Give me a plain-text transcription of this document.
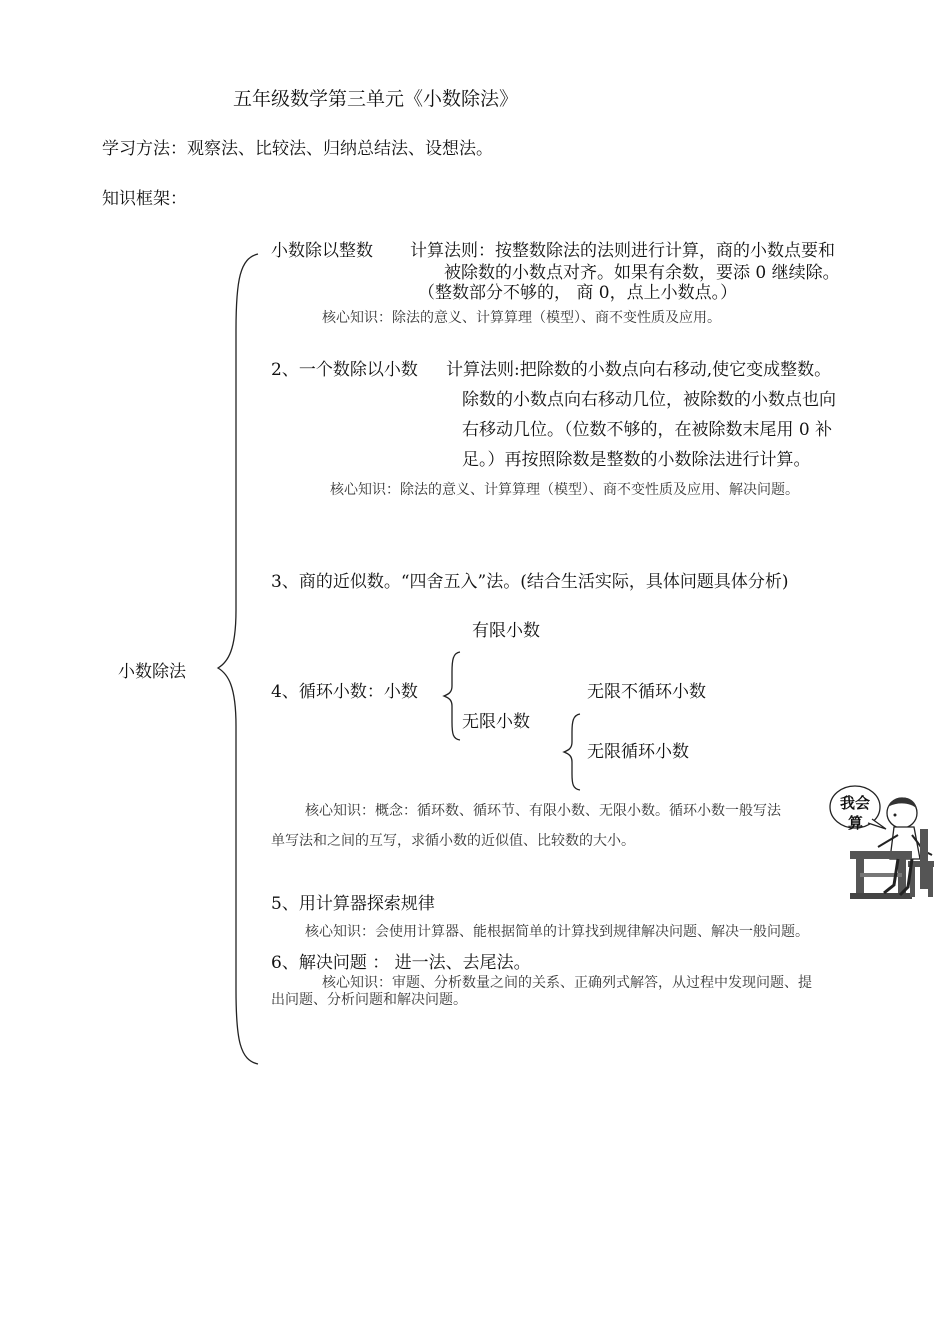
五年级数学第三单元《小数除法》
学习方法：观察法、比较法、归纳总结法、设想法。
知识框架：
小数除法
小数除以整数 计算法则：按整数除法的法则进行计算，商的小数点要和
被除数的小数点对齐。如果有余数，要添 0 继续除。
（整数部分不够的， 商 0，点上小数点。）
核心知识：除法的意义、计算算理（模型）、商不变性质及应用。
2、一个数除以小数 计算法则:把除数的小数点向右移动,使它变成整数。
除数的小数点向右移动几位，被除数的小数点也向
右移动几位。（位数不够的，在被除数末尾用 0 补
足。）再按照除数是整数的小数除法进行计算。
核心知识：除法的意义、计算算理（模型）、商不变性质及应用、解决问题。
3、商的近似数。“四舍五入”法。(结合生活实际，具体问题具体分析)
有限小数
4、循环小数：小数
无限小数
无限不循环小数
无限循环小数
核心知识：概念：循环数、循环节、有限小数、无限小数。循环小数一般写法
单写法和之间的互写，求循小数的近似值、比较数的大小。
我会
算
5、用计算器探索规律
核心知识：会使用计算器、能根据简单的计算找到规律解决问题、解决一般问题。
6、解决问题 ： 进一法、去尾法。
核心知识：审题、分析数量之间的关系、正确列式解答，从过程中发现问题、提
出问题、分析问题和解决问题。
